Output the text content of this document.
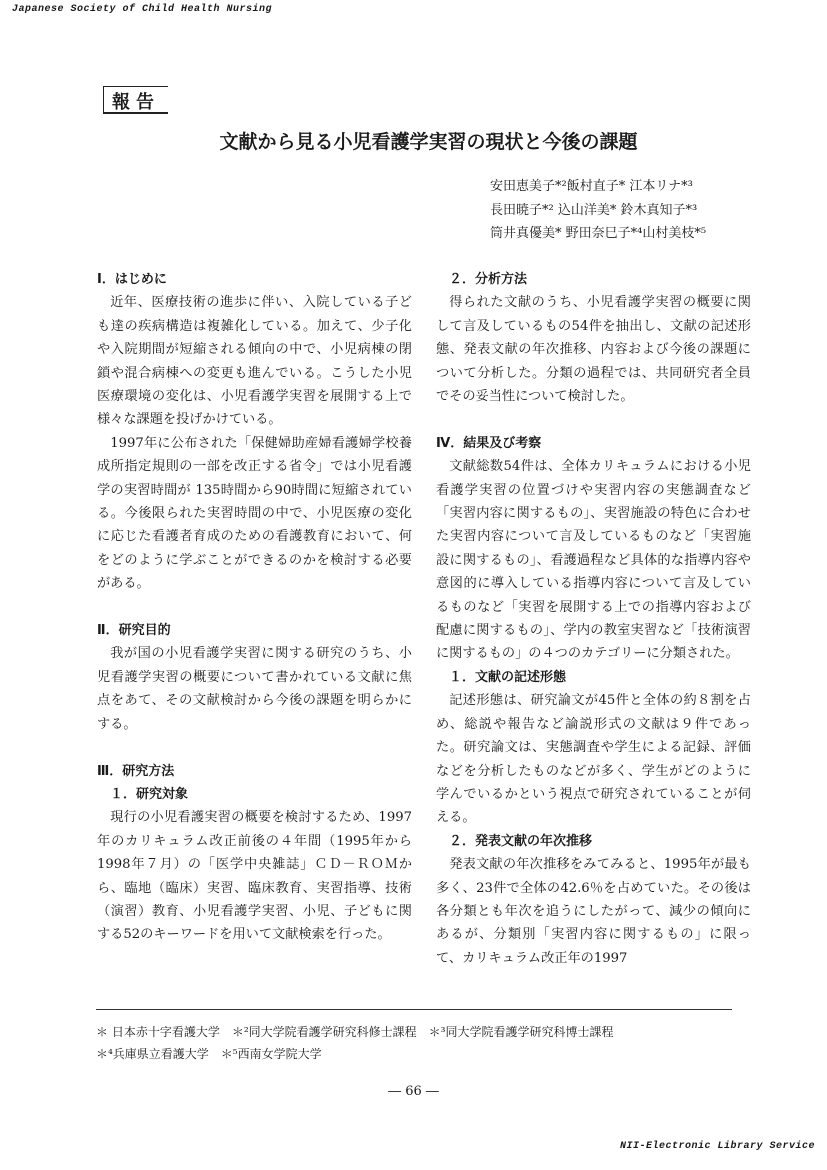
Japanese Society of Child Health Nursing
報告
文献から見る小児看護学実習の現状と今後の課題
安田恵美子*²飯村直子* 江本リナ*³
長田暁子*² 込山洋美* 鈴木真知子*³
筒井真優美* 野田奈巳子*⁴山村美枝*⁵
Ⅰ．はじめに

近年、医療技術の進歩に伴い、入院している子ども達の疾病構造は複雑化している。加えて、少子化や入院期間が短縮される傾向の中で、小児病棟の閉鎖や混合病棟への変更も進んでいる。こうした小児医療環境の変化は、小児看護学実習を展開する上で様々な課題を投げかけている。

1997年に公布された「保健婦助産婦看護婦学校養成所指定規則の一部を改正する省令」では小児看護学の実習時間が 135時間から90時間に短縮されている。今後限られた実習時間の中で、小児医療の変化に応じた看護者育成のための看護教育において、何をどのように学ぶことができるのかを検討する必要がある。

Ⅱ．研究目的

我が国の小児看護学実習に関する研究のうち、小児看護学実習の概要について書かれている文献に焦点をあて、その文献検討から今後の課題を明らかにする。

Ⅲ．研究方法
１．研究対象

現行の小児看護実習の概要を検討するため、1997年のカリキュラム改正前後の４年間（1995年から1998年７月）の「医学中央雑誌」ＣＤ－ＲＯＭから、臨地（臨床）実習、臨床教育、実習指導、技術（演習）教育、小児看護学実習、小児、子どもに関する52のキーワードを用いて文献検索を行った。

２．分析方法

得られた文献のうち、小児看護学実習の概要に関して言及しているもの54件を抽出し、文献の記述形態、発表文献の年次推移、内容および今後の課題について分析した。分類の過程では、共同研究者全員でその妥当性について検討した。

Ⅳ．結果及び考察

文献総数54件は、全体カリキュラムにおける小児看護学実習の位置づけや実習内容の実態調査など「実習内容に関するもの」、実習施設の特色に合わせた実習内容について言及しているものなど「実習施設に関するもの」、看護過程など具体的な指導内容や意図的に導入している指導内容について言及しているものなど「実習を展開する上での指導内容および配慮に関するもの」、学内の教室実習など「技術演習に関するもの」の４つのカテゴリーに分類された。

１．文献の記述形態

記述形態は、研究論文が45件と全体の約８割を占め、総説や報告など論説形式の文献は９件であった。研究論文は、実態調査や学生による記録、評価などを分析したものなどが多く、学生がどのように学んでいるかという視点で研究されていることが伺える。

２．発表文献の年次推移

発表文献の年次推移をみてみると、1995年が最も多く、23件で全体の42.6％を占めていた。その後は各分類とも年次を追うにしたがって、減少の傾向にあるが、分類別「実習内容に関するもの」に限って、カリキュラム改正年の1997

＊ 日本赤十字看護大学　＊²同大学院看護学研究科修士課程　＊³同大学院看護学研究科博士課程
＊⁴兵庫県立看護大学　＊⁵西南女学院大学
― 66 ―
NII-Electronic Library Service
